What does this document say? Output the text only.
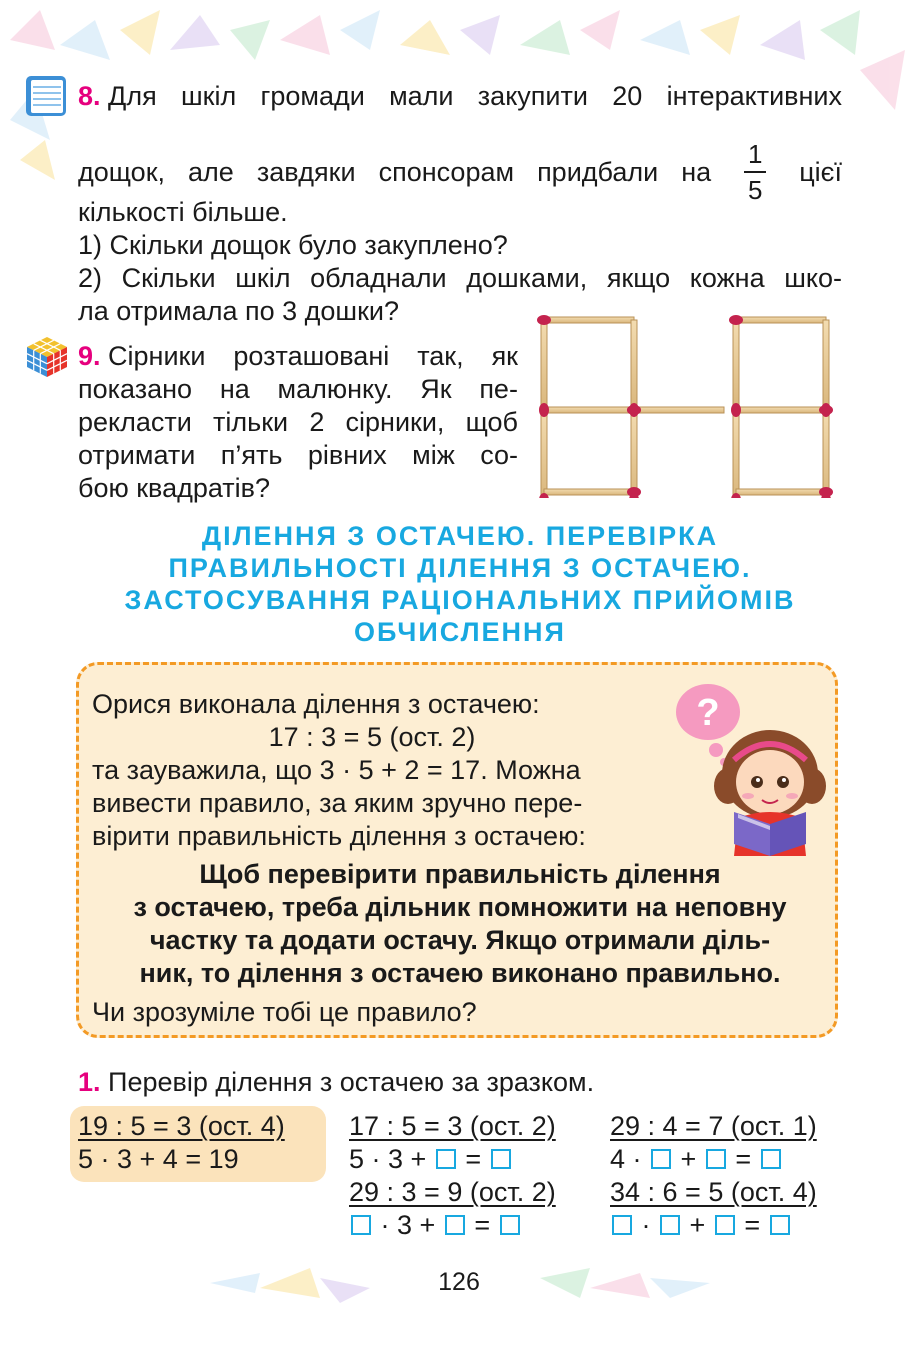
8. Для шкіл громади мали закупити 20 інтерактивних
дощок, але завдяки спонсорам придбали на $\frac{1}{5}$ цієї
кількості більше.
1) Скільки дощок було закуплено?
2) Скільки шкіл обладнали дошками, якщо кожна шко-
ла отримала по 3 дошки?
9. Сірники розташовані так, як
показано на малюнку. Як пе-
рекласти тільки 2 сірники, щоб
отримати п’ять рівних між со-
бою квадратів?
ДІЛЕННЯ З ОСТАЧЕЮ. ПЕРЕВІРКА
ПРАВИЛЬНОСТІ ДІЛЕННЯ З ОСТАЧЕЮ.
ЗАСТОСУВАННЯ РАЦІОНАЛЬНИХ ПРИЙОМІВ
ОБЧИСЛЕННЯ
Орися виконала ділення з остачею:
17 : 3 = 5 (ост. 2)
та зауважила, що 3 · 5 + 2 = 17. Можна
вивести правило, за яким зручно пере-
вірити правильність ділення з остачею:
Щоб перевірити правильність ділення
з остачею, треба дільник помножити на неповну
частку та додати остачу. Якщо отримали діль-
ник, то ділення з остачею виконано правильно.
Чи зрозуміле тобі це правило?
?
1. Перевір ділення з остачею за зразком.
19 : 5 = 3 (ост. 4)
5 · 3 + 4 = 19
17 : 5 = 3 (ост. 2)
5 · 3 + =
29 : 3 = 9 (ост. 2)
· 3 + =
29 : 4 = 7 (ост. 1)
4 · + =
34 : 6 = 5 (ост. 4)
· + =
126
